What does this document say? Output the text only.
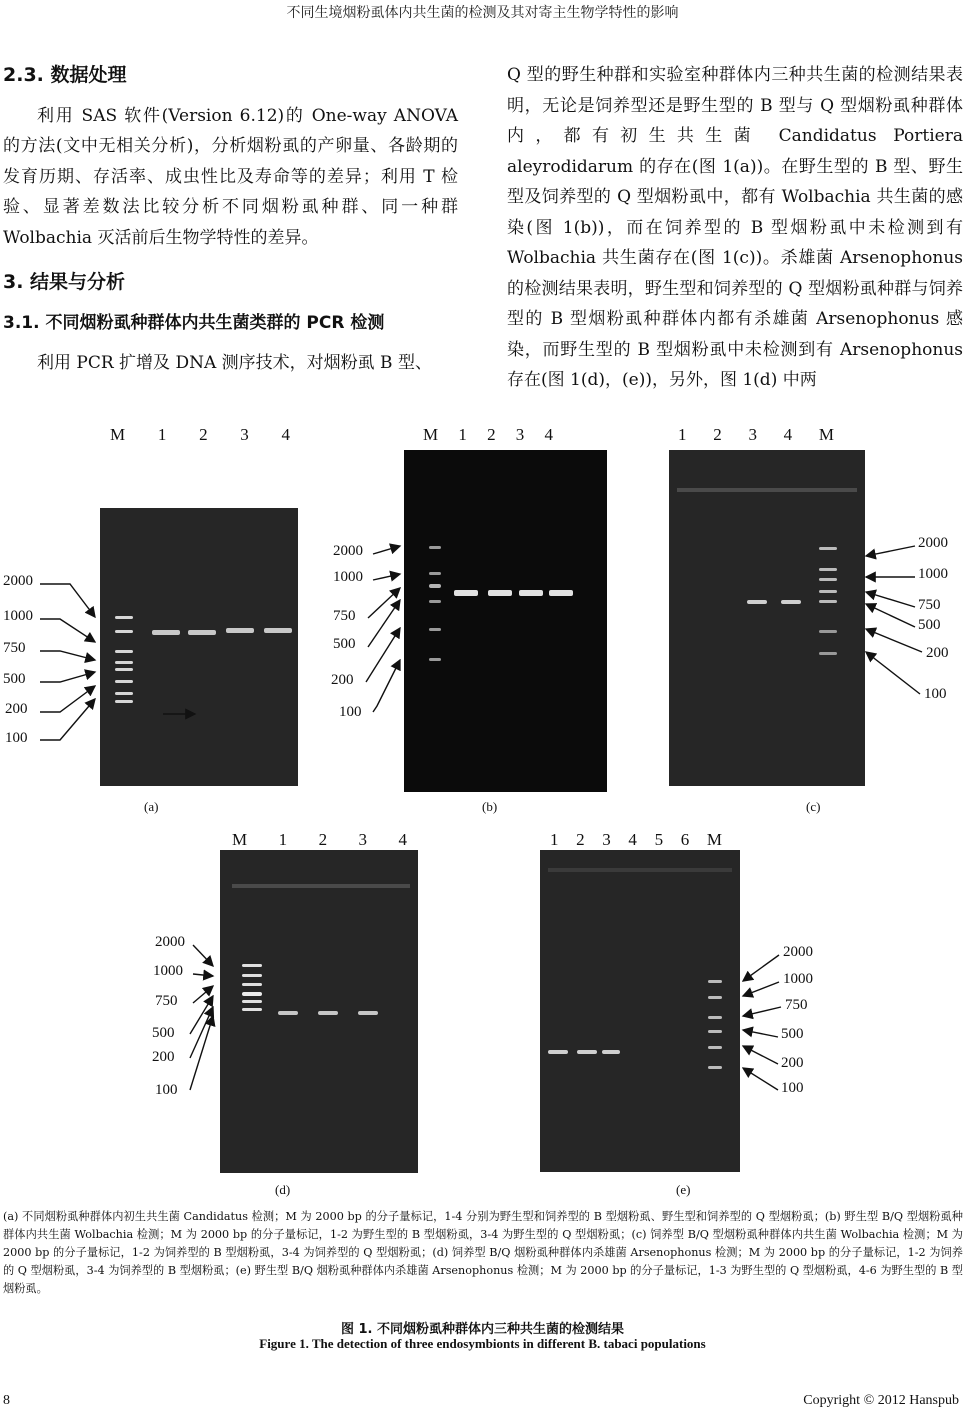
不同生境烟粉虱体内共生菌的检测及其对寄主生物学特性的影响

2.3. 数据处理

利用 SAS 软件(Version 6.12)的 One-way ANOVA 的方法(文中无相关分析)，分析烟粉虱的产卵量、各龄期的发育历期、存活率、成虫性比及寿命等的差异；利用 T 检验、显著差数法比较分析不同烟粉虱种群、同一种群 Wolbachia 灭活前后生物学特性的差异。

3. 结果与分析

3.1. 不同烟粉虱种群体内共生菌类群的 PCR 检测

利用 PCR 扩增及 DNA 测序技术，对烟粉虱 B 型、

Q 型的野生种群和实验室种群体内三种共生菌的检测结果表明，无论是饲养型还是野生型的 B 型与 Q 型烟粉虱种群体内，都有初生共生菌 Candidatus Portiera aleyrodidarum 的存在(图 1(a))。在野生型的 B 型、野生型及饲养型的 Q 型烟粉虱中，都有 Wolbachia 共生菌的感染(图 1(b))，而在饲养型的 B 型烟粉虱中未检测到有 Wolbachia 共生菌存在(图 1(c))。杀雄菌 Arsenophonus 的检测结果表明，野生型和饲养型的 Q 型烟粉虱种群与饲养型的 B 型烟粉虱种群体内都有杀雄菌 Arsenophonus 感染，而野生型的 B 型烟粉虱中未检测到有 Arsenophonus 存在(图 1(d)，(e))，另外，图 1(d) 中两

M 1 2 3 4
2000
1000
750
500
200
100
(a)
M 1 2 3 4
2000
1000
750
500
200
100
(b)
1 2 3 4 M
2000
1000
750
500
200
100
(c)
M 1 2 3 4
2000
1000
750
500
200
100
(d)
1 2 3 4 5 6 M
2000
1000
750
500
200
100
(e)
(a) 不同烟粉虱种群体内初生共生菌 Candidatus 检测；M 为 2000 bp 的分子量标记，1-4 分别为野生型和饲养型的 B 型烟粉虱、野生型和饲养型的 Q 型烟粉虱；(b) 野生型 B/Q 型烟粉虱种群体内共生菌 Wolbachia 检测；M 为 2000 bp 的分子量标记，1-2 为野生型的 B 型烟粉虱，3-4 为野生型的 Q 型烟粉虱；(c) 饲养型 B/Q 型烟粉虱种群体内共生菌 Wolbachia 检测；M 为 2000 bp 的分子量标记，1-2 为饲养型的 B 型烟粉虱，3-4 为饲养型的 Q 型烟粉虱；(d) 饲养型 B/Q 烟粉虱种群体内杀雄菌 Arsenophonus 检测；M 为 2000 bp 的分子量标记，1-2 为饲养的 Q 型烟粉虱，3-4 为饲养型的 B 型烟粉虱；(e) 野生型 B/Q 烟粉虱种群体内杀雄菌 Arsenophonus 检测；M 为 2000 bp 的分子量标记，1-3 为野生型的 Q 型烟粉虱，4-6 为野生型的 B 型烟粉虱。
图 1. 不同烟粉虱种群体内三种共生菌的检测结果
Figure 1. The detection of three endosymbionts in different B. tabaci populations
8	Copyright © 2012 Hanspub
